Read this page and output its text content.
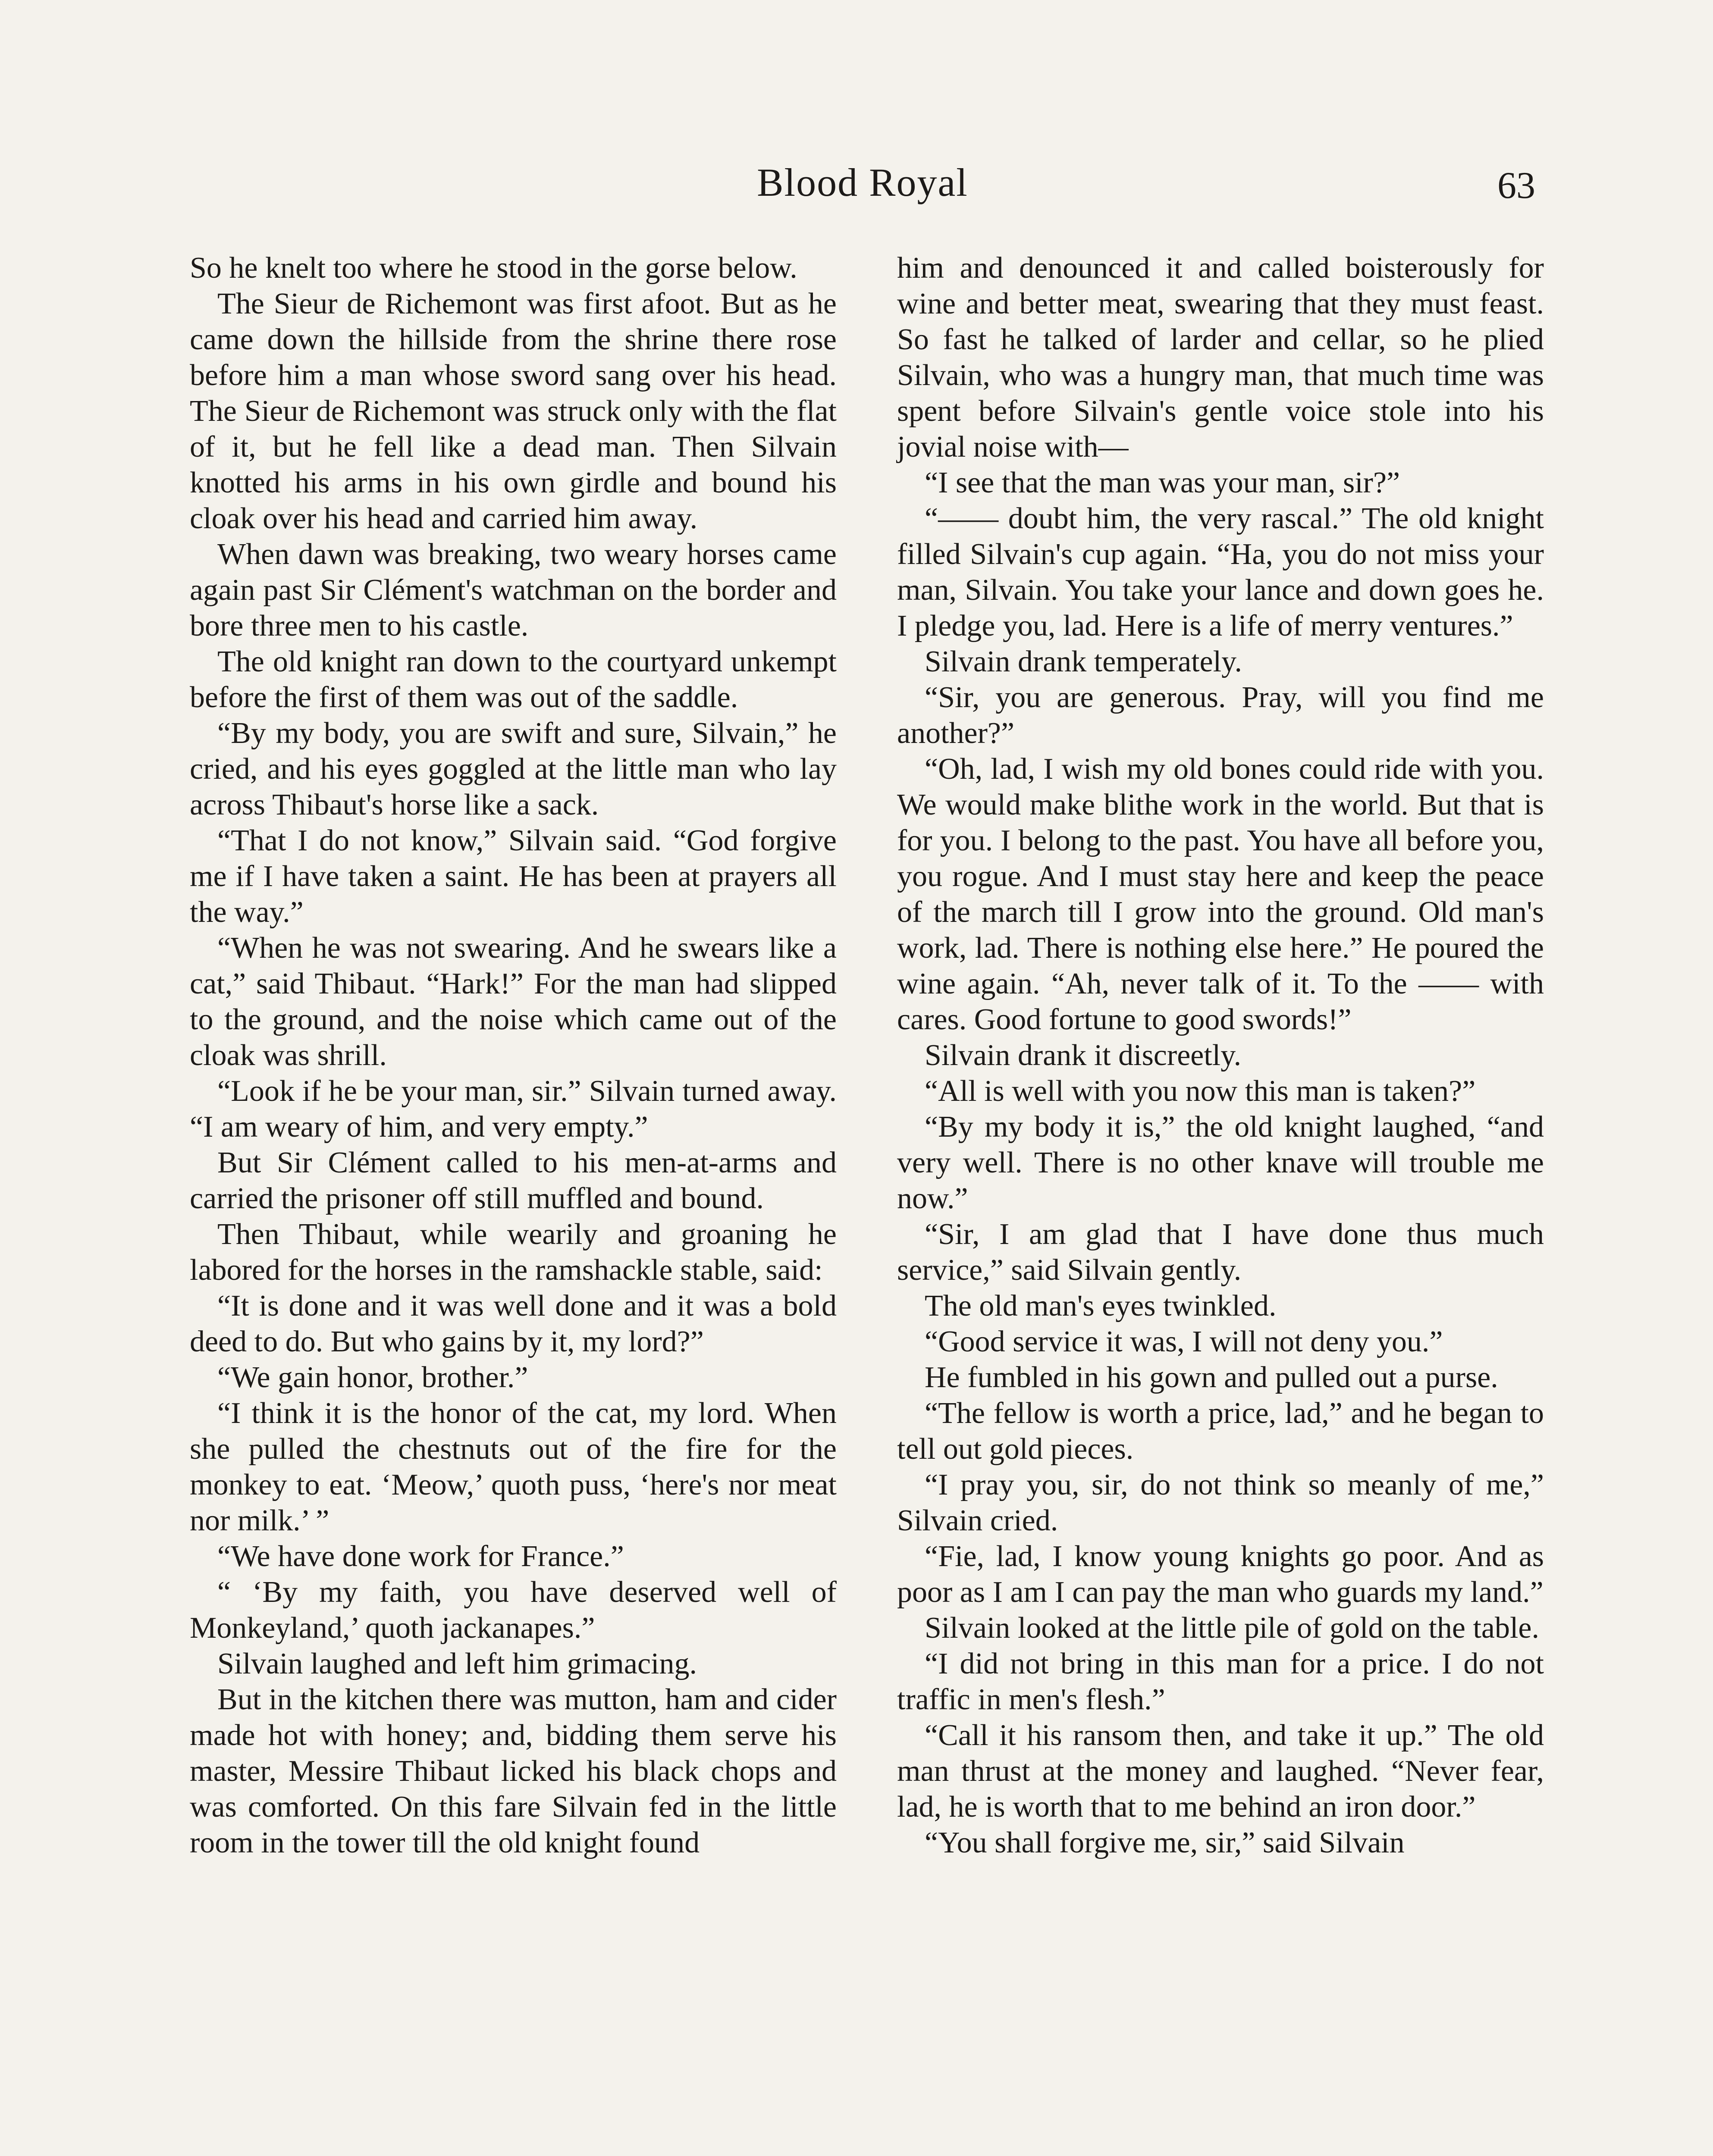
Blood Royal	63

So he knelt too where he stood in the gorse below.

The Sieur de Richemont was first afoot. But as he came down the hillside from the shrine there rose before him a man whose sword sang over his head. The Sieur de Richemont was struck only with the flat of it, but he fell like a dead man. Then Silvain knotted his arms in his own girdle and bound his cloak over his head and carried him away.

When dawn was breaking, two weary horses came again past Sir Clément's watchman on the border and bore three men to his castle.

The old knight ran down to the courtyard unkempt before the first of them was out of the saddle.

“By my body, you are swift and sure, Silvain,” he cried, and his eyes goggled at the little man who lay across Thibaut's horse like a sack.

“That I do not know,” Silvain said. “God forgive me if I have taken a saint. He has been at prayers all the way.”

“When he was not swearing. And he swears like a cat,” said Thibaut. “Hark!” For the man had slipped to the ground, and the noise which came out of the cloak was shrill.

“Look if he be your man, sir.” Silvain turned away. “I am weary of him, and very empty.”

But Sir Clément called to his men-at-arms and carried the prisoner off still muffled and bound.

Then Thibaut, while wearily and groaning he labored for the horses in the ramshackle stable, said:

“It is done and it was well done and it was a bold deed to do. But who gains by it, my lord?”

“We gain honor, brother.”

“I think it is the honor of the cat, my lord. When she pulled the chestnuts out of the fire for the monkey to eat. ‘Meow,’ quoth puss, ‘here's nor meat nor milk.’ ”

“We have done work for France.”

“ ‘By my faith, you have deserved well of Monkeyland,’ quoth jackanapes.”

Silvain laughed and left him grimacing.

But in the kitchen there was mutton, ham and cider made hot with honey; and, bidding them serve his master, Messire Thibaut licked his black chops and was comforted. On this fare Silvain fed in the little room in the tower till the old knight found

him and denounced it and called boisterously for wine and better meat, swearing that they must feast. So fast he talked of larder and cellar, so he plied Silvain, who was a hungry man, that much time was spent before Silvain's gentle voice stole into his jovial noise with—

“I see that the man was your man, sir?”

“—— doubt him, the very rascal.” The old knight filled Silvain's cup again. “Ha, you do not miss your man, Silvain. You take your lance and down goes he. I pledge you, lad. Here is a life of merry ventures.”

Silvain drank temperately.

“Sir, you are generous. Pray, will you find me another?”

“Oh, lad, I wish my old bones could ride with you. We would make blithe work in the world. But that is for you. I belong to the past. You have all before you, you rogue. And I must stay here and keep the peace of the march till I grow into the ground. Old man's work, lad. There is nothing else here.” He poured the wine again. “Ah, never talk of it. To the —— with cares. Good fortune to good swords!”

Silvain drank it discreetly.

“All is well with you now this man is taken?”

“By my body it is,” the old knight laughed, “and very well. There is no other knave will trouble me now.”

“Sir, I am glad that I have done thus much service,” said Silvain gently.

The old man's eyes twinkled.

“Good service it was, I will not deny you.”

He fumbled in his gown and pulled out a purse.

“The fellow is worth a price, lad,” and he began to tell out gold pieces.

“I pray you, sir, do not think so meanly of me,” Silvain cried.

“Fie, lad, I know young knights go poor. And as poor as I am I can pay the man who guards my land.”

Silvain looked at the little pile of gold on the table.

“I did not bring in this man for a price. I do not traffic in men's flesh.”

“Call it his ransom then, and take it up.” The old man thrust at the money and laughed. “Never fear, lad, he is worth that to me behind an iron door.”

“You shall forgive me, sir,” said Silvain
